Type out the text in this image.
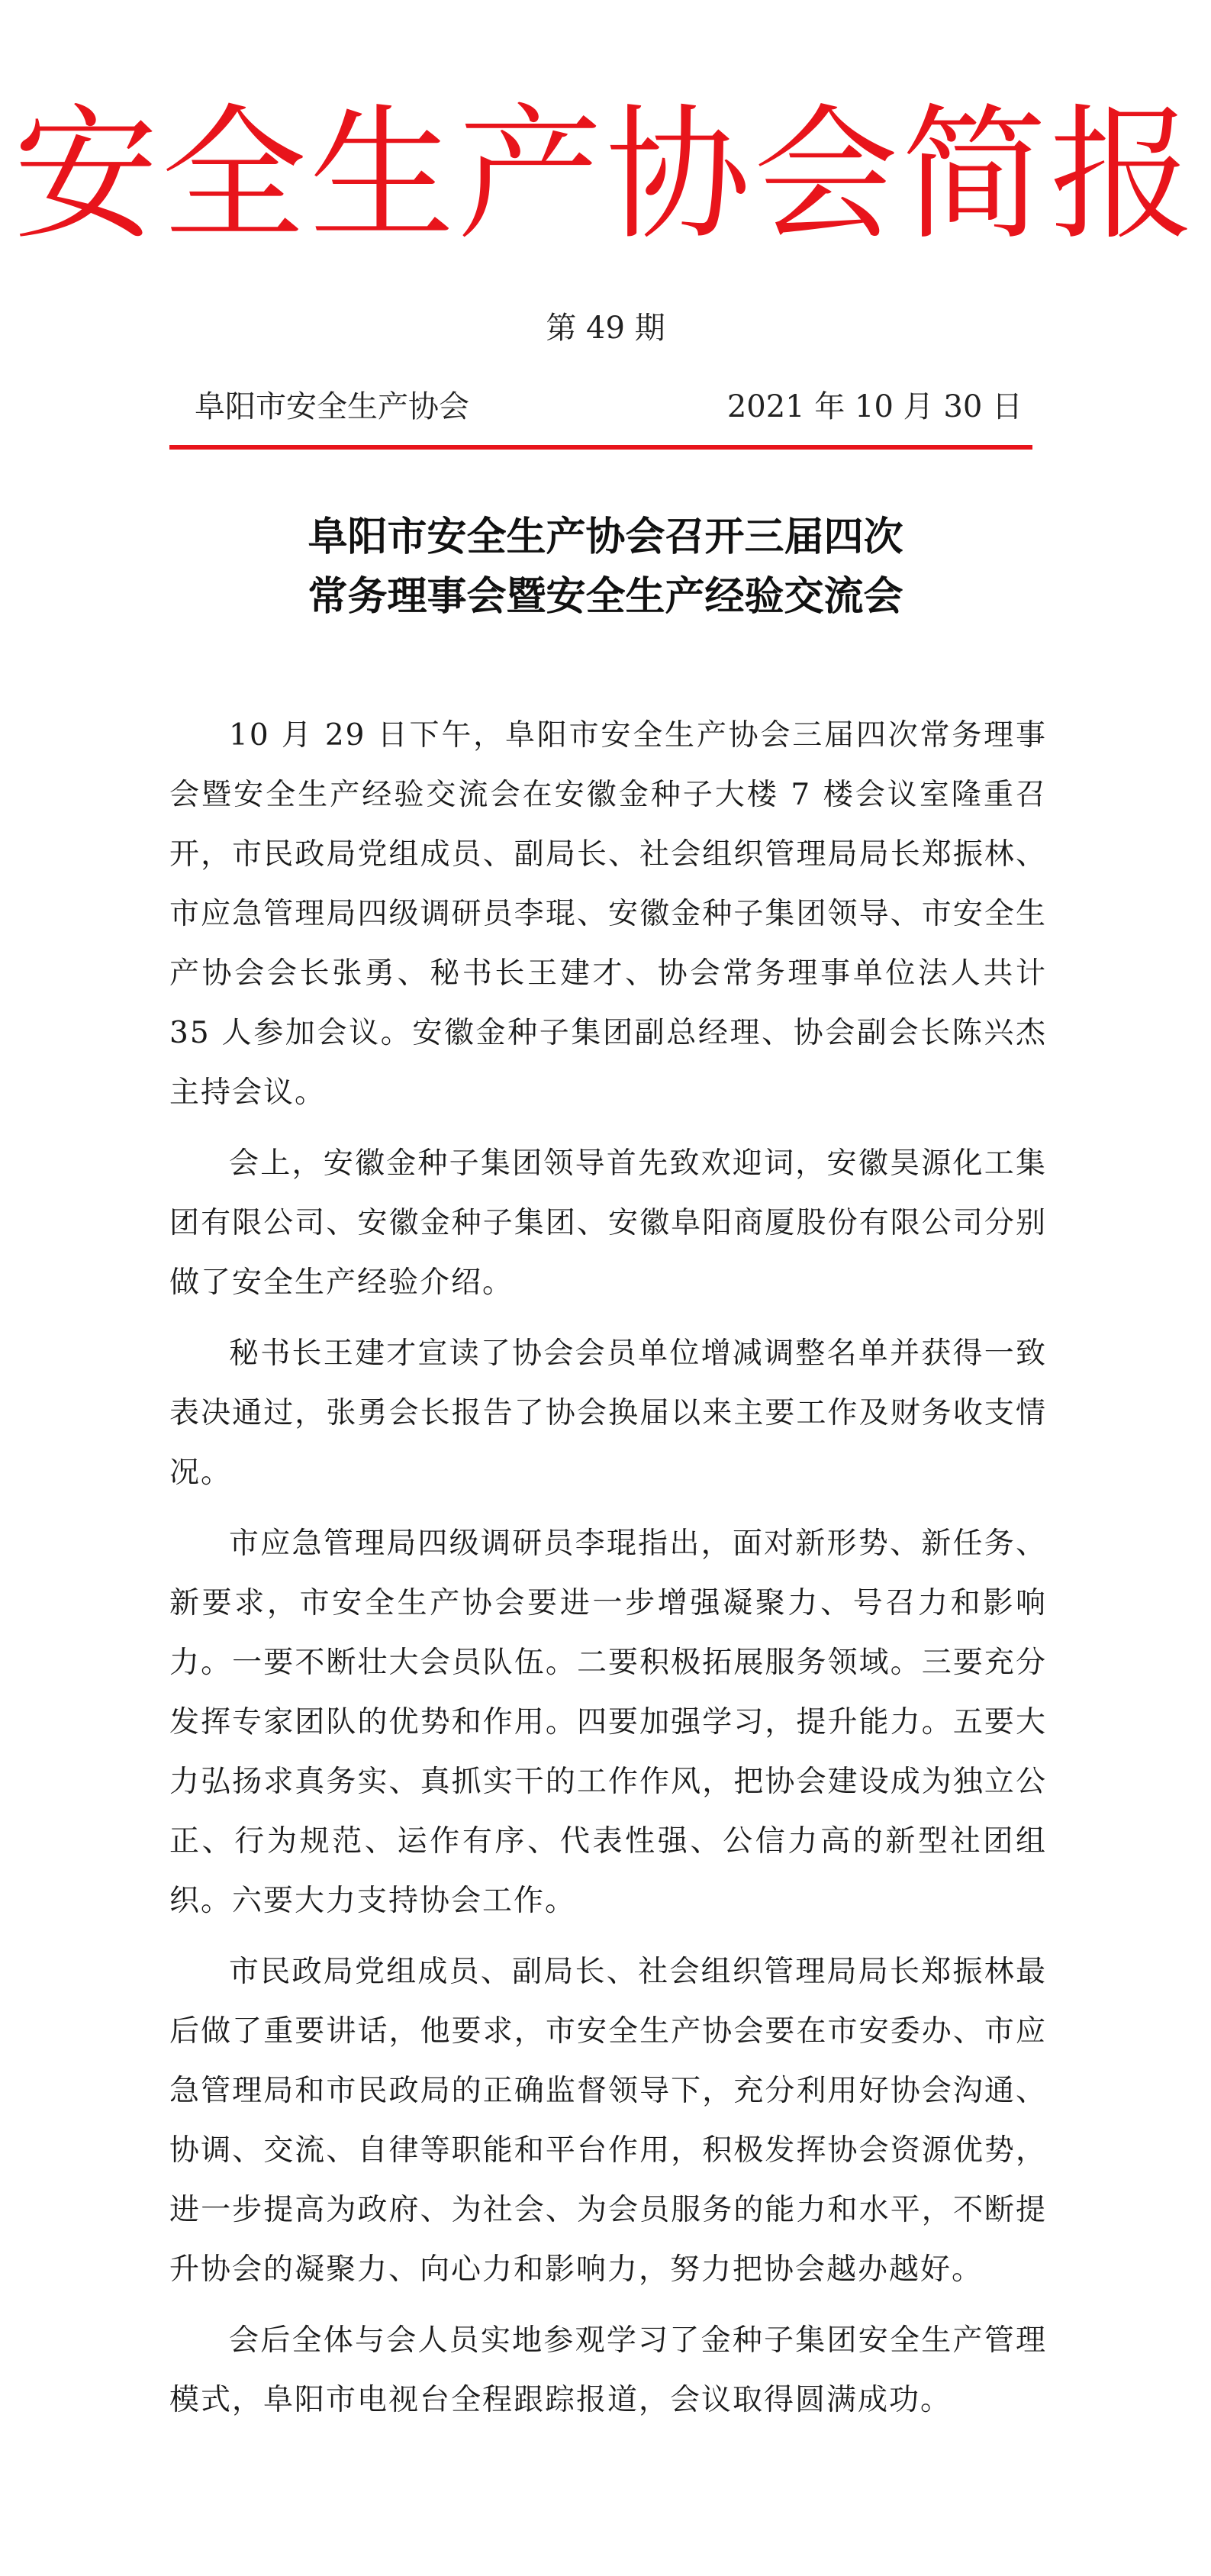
安全生产协会简报
第 49 期
阜阳市安全生产协会	2021 年 10 月 30 日
阜阳市安全生产协会召开三届四次
常务理事会暨安全生产经验交流会

10 月 29 日下午，阜阳市安全生产协会三届四次常务理事会暨安全生产经验交流会在安徽金种子大楼 7 楼会议室隆重召开，市民政局党组成员、副局长、社会组织管理局局长郑振林、市应急管理局四级调研员李琨、安徽金种子集团领导、市安全生产协会会长张勇、秘书长王建才、协会常务理事单位法人共计 35 人参加会议。安徽金种子集团副总经理、协会副会长陈兴杰主持会议。

会上，安徽金种子集团领导首先致欢迎词，安徽昊源化工集团有限公司、安徽金种子集团、安徽阜阳商厦股份有限公司分别做了安全生产经验介绍。

秘书长王建才宣读了协会会员单位增减调整名单并获得一致表决通过，张勇会长报告了协会换届以来主要工作及财务收支情况。

市应急管理局四级调研员李琨指出，面对新形势、新任务、新要求，市安全生产协会要进一步增强凝聚力、号召力和影响力。一要不断壮大会员队伍。二要积极拓展服务领域。三要充分发挥专家团队的优势和作用。四要加强学习，提升能力。五要大力弘扬求真务实、真抓实干的工作作风，把协会建设成为独立公正、行为规范、运作有序、代表性强、公信力高的新型社团组织。六要大力支持协会工作。

市民政局党组成员、副局长、社会组织管理局局长郑振林最后做了重要讲话，他要求，市安全生产协会要在市安委办、市应急管理局和市民政局的正确监督领导下，充分利用好协会沟通、协调、交流、自律等职能和平台作用，积极发挥协会资源优势，进一步提高为政府、为社会、为会员服务的能力和水平，不断提升协会的凝聚力、向心力和影响力，努力把协会越办越好。

会后全体与会人员实地参观学习了金种子集团安全生产管理模式，阜阳市电视台全程跟踪报道，会议取得圆满成功。
